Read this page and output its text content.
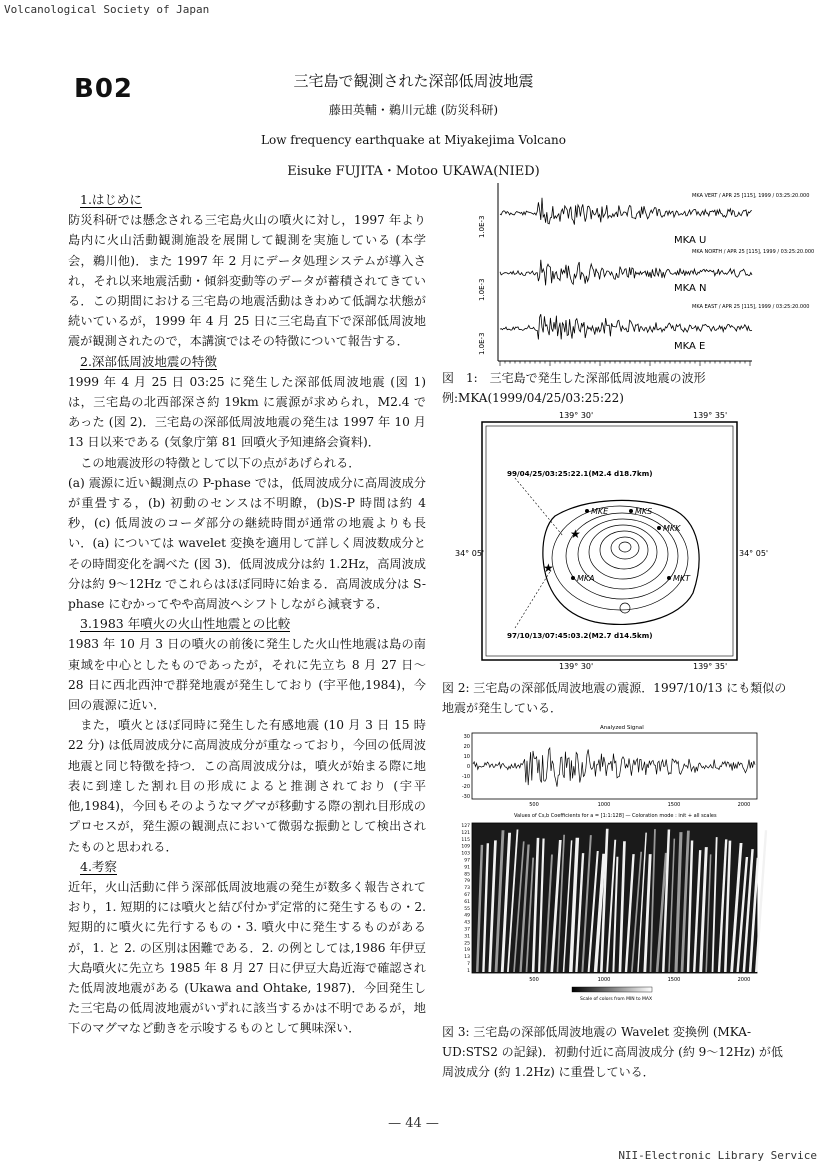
Volcanological Society of Japan
B02	三宅島で観測された深部低周波地震
藤田英輔・鵜川元雄 (防災科研)
Low frequency earthquake at Miyakejima Volcano
Eisuke FUJITA・Motoo UKAWA(NIED)
1.はじめに

防災科研では懸念される三宅島火山の噴火に対し，1997 年より島内に火山活動観測施設を展開して観測を実施している (本学会，鵜川他)．また 1997 年 2 月にデータ処理システムが導入され，それ以来地震活動・傾斜変動等のデータが蓄積されてきている．この期間における三宅島の地震活動はきわめて低調な状態が続いているが，1999 年 4 月 25 日に三宅島直下で深部低周波地震が観測されたので，本講演ではその特徴について報告する．

2.深部低周波地震の特徴

1999 年 4 月 25 日 03:25 に発生した深部低周波地震 (図 1) は，三宅島の北西部深さ約 19km に震源が求められ，M2.4 であった (図 2)．三宅島の深部低周波地震の発生は 1997 年 10 月 13 日以来である (気象庁第 81 回噴火予知連絡会資料)．

この地震波形の特徴として以下の点があげられる．

(a) 震源に近い観測点の P-phase では，低周波成分に高周波成分が重畳する，(b) 初動のセンスは不明瞭，(b)S-P 時間は約 4 秒，(c) 低周波のコーダ部分の継続時間が通常の地震よりも長い．(a) については wavelet 変換を適用して詳しく周波数成分とその時間変化を調べた (図 3)．低周波成分は約 1.2Hz，高周波成分は約 9～12Hz でこれらはほぼ同時に始まる．高周波成分は S-phase にむかってやや高周波へシフトしながら減衰する．

3.1983 年噴火の火山性地震との比較

1983 年 10 月 3 日の噴火の前後に発生した火山性地震は島の南東域を中心としたものであったが，それに先立ち 8 月 27 日～28 日に西北西沖で群発地震が発生しており (宇平他,1984)，今回の震源に近い．

また，噴火とほぼ同時に発生した有感地震 (10 月 3 日 15 時 22 分) は低周波成分に高周波成分が重なっており，今回の低周波地震と同じ特徴を持つ．この高周波成分は，噴火が始まる際に地表に到達した割れ目の形成によると推測されており (宇平他,1984)，今回もそのようなマグマが移動する際の割れ目形成のプロセスが，発生源の観測点において微弱な振動として検出されたものと思われる．

4.考察

近年，火山活動に伴う深部低周波地震の発生が数多く報告されており，1. 短期的には噴火と結び付かず定常的に発生するもの・2. 短期的に噴火に先行するもの・3. 噴火中に発生するものがあるが，1. と 2. の区別は困難である．2. の例としては,1986 年伊豆大島噴火に先立ち 1985 年 8 月 27 日に伊豆大島近海で確認された低周波地震がある (Ukawa and Ohtake, 1987)．今回発生した三宅島の低周波地震がいずれに該当するかは不明であるが，地下のマグマなど動きを示唆するものとして興味深い．

1.0E-3
1.0E-3
1.0E-3
MKA U
MKA N
MKA E
MKA VERT / APR 25 [115], 1999 / 03:25:20.000
MKA NORTH / APR 25 [115], 1999 / 03:25:20.000
MKA EAST / APR 25 [115], 1999 / 03:25:20.000
図　1:　三宅島で発生した深部低周波地震の波形例:MKA(1999/04/25/03:25:22)
139° 30'	139° 35'
139° 30'	139° 35'
34° 05'	34° 05'
★
★
99/04/25/03:25:22.1(M2.4 d18.7km)
97/10/13/07:45:03.2(M2.7 d14.5km)
MKE	MKS
MKK
MKA	MKT
図 2: 三宅島の深部低周波地震の震源．1997/10/13 にも類似の地震が発生している．
Analyzed Signal
30
20
10
0
-10
-20
-30
500	1000	1500	2000
Values of Cs,b Coefficients for a = [1:1:128] — Coloration mode : init + all scales
127
121
115
109
103
97
91
85
79
73
67
61
55
49
43
37
31
25
19
13
7
1
500	1000	1500	2000
Scale of colors from MIN to MAX
図 3: 三宅島の深部低周波地震の Wavelet 変換例 (MKA-UD:STS2 の記録)．初動付近に高周波成分 (約 9～12Hz) が低周波成分 (約 1.2Hz) に重畳している．
— 44 —
NII-Electronic Library Service
